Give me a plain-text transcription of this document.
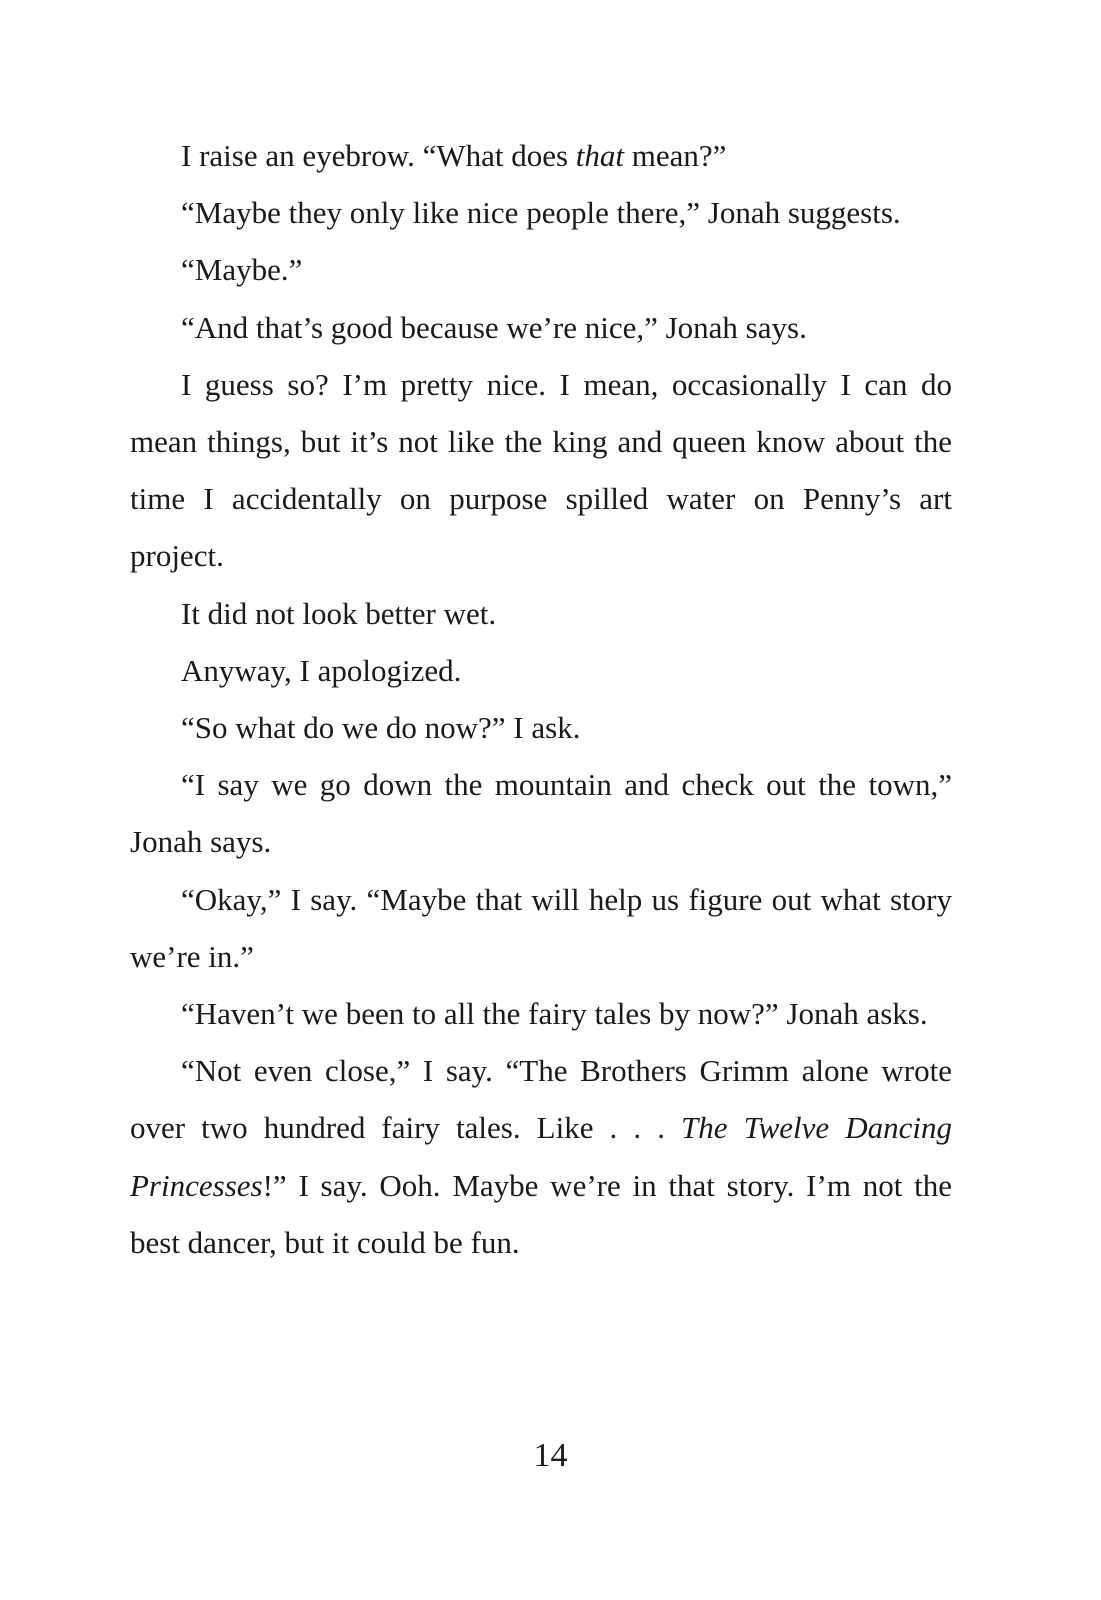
I raise an eyebrow. “What does that mean?”

“Maybe they only like nice people there,” Jonah suggests.

“Maybe.”

“And that’s good because we’re nice,” Jonah says.

I guess so? I’m pretty nice. I mean, occasionally I can do mean things, but it’s not like the king and queen know about the time I accidentally on purpose spilled water on Penny’s art project.

It did not look better wet.

Anyway, I apologized.

“So what do we do now?” I ask.

“I say we go down the mountain and check out the town,” Jonah says.

“Okay,” I say. “Maybe that will help us figure out what story we’re in.”

“Haven’t we been to all the fairy tales by now?” Jonah asks.

“Not even close,” I say. “The Brothers Grimm alone wrote over two hundred fairy tales. Like . . . The Twelve Dancing Princesses!” I say. Ooh. Maybe we’re in that story. I’m not the best dancer, but it could be fun.

14
